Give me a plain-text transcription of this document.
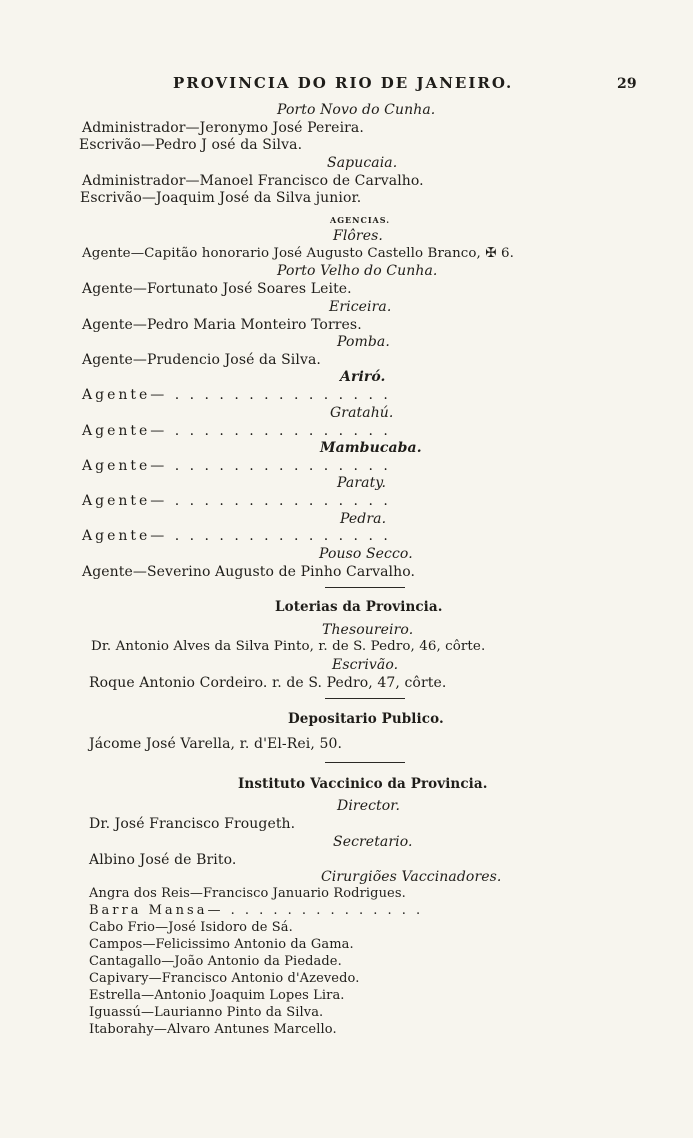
PROVINCIA DO RIO DE JANEIRO.	29
Porto Novo do Cunha.
Administrador—Jeronymo José Pereira.
Escrivão—Pedro J osé da Silva.
Sapucaia.
Administrador—Manoel Francisco de Carvalho.
Escrivão—Joaquim José da Silva junior.
AGENCIAS.
Flôres.
Agente—Capitão honorario José Augusto Castello Branco, ✠ 6.
Porto Velho do Cunha.
Agente—Fortunato José Soares Leite.
Ericeira.
Agente—Pedro Maria Monteiro Torres.
Pomba.
Agente—Prudencio José da Silva.
Ariró.
Agente— . . . . . . . . . . . . . . .
Gratahú.
Agente— . . . . . . . . . . . . . . .
Mambucaba.
Agente— . . . . . . . . . . . . . . .
Paraty.
Agente— . . . . . . . . . . . . . . .
Pedra.
Agente— . . . . . . . . . . . . . . .
Pouso Secco.
Agente—Severino Augusto de Pinho Carvalho.
Loterias da Provincia.
Thesoureiro.
Dr. Antonio Alves da Silva Pinto, r. de S. Pedro, 46, côrte.
Escrivão.
Roque Antonio Cordeiro. r. de S. Pedro, 47, côrte.
Depositario Publico.
Jácome José Varella, r. d'El-Rei, 50.
Instituto Vaccinico da Provincia.
Director.
Dr. José Francisco Frougeth.
Secretario.
Albino José de Brito.
Cirurgiões Vaccinadores.
Angra dos Reis—Francisco Januario Rodrigues.
Barra Mansa— . . . . . . . . . . . . . .
Cabo Frio—José Isidoro de Sá.
Campos—Felicissimo Antonio da Gama.
Cantagallo—João Antonio da Piedade.
Capivary—Francisco Antonio d'Azevedo.
Estrella—Antonio Joaquim Lopes Lira.
Iguassú—Laurianno Pinto da Silva.
Itaborahy—Alvaro Antunes Marcello.
